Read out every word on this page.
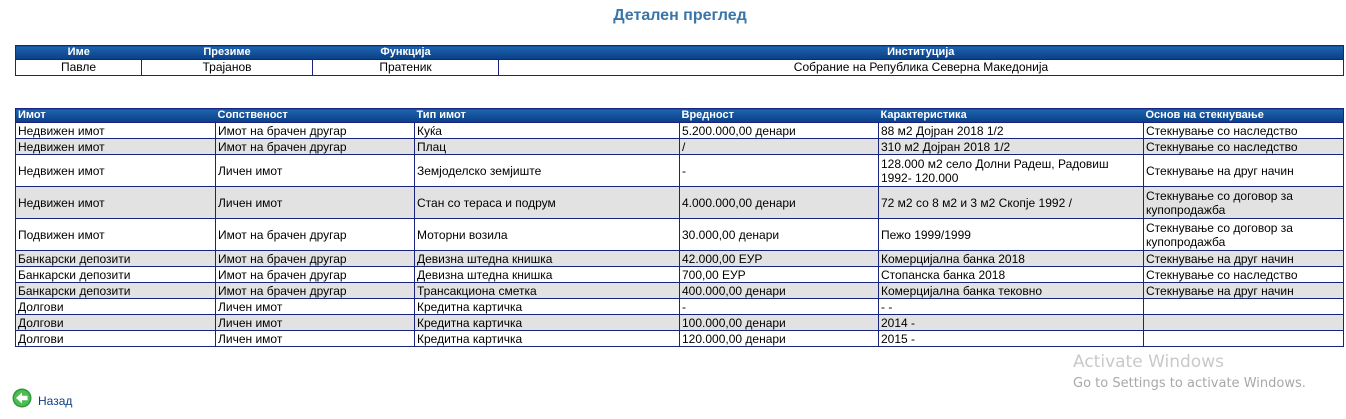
Детален преглед
Име	Презиме	Функција	Институција
Павле	Трајанов	Пратеник	Собрание на Република Северна Македонија
Имот	Сопственост	Тип имот	Вредност	Карактеристика	Основ на стекнување
Недвижен имот	Имот на брачен другар	Куќа	5.200.000,00 денари	88 м2 Дојран 2018 1/2	Стекнување со наследство
Недвижен имот	Имот на брачен другар	Плац	/	310 м2 Дојран 2018 1/2	Стекнување со наследство
Недвижен имот	Личен имот	Земјоделско земјиште	-	128.000 м2 село Долни Радеш, Радовиш 1992- 120.000	Стекнување на друг начин
Недвижен имот	Личен имот	Стан со тераса и подрум	4.000.000,00 денари	72 м2 со 8 м2 и 3 м2 Скопје 1992 /	Стекнување со договор за купопродажба
Подвижен имот	Имот на брачен другар	Моторни возила	30.000,00 денари	Пежо 1999/1999	Стекнување со договор за купопродажба
Банкарски депозити	Имот на брачен другар	Девизна штедна книшка	42.000,00 ЕУР	Комерцијална банка 2018	Стекнување на друг начин
Банкарски депозити	Имот на брачен другар	Девизна штедна книшка	700,00 ЕУР	Стопанска банка 2018	Стекнување со наследство
Банкарски депозити	Имот на брачен другар	Трансакциона сметка	400.000,00 денари	Комерцијална банка тековно	Стекнување на друг начин
Долгови	Личен имот	Кредитна картичка	-	- -	
Долгови	Личен имот	Кредитна картичка	100.000,00 денари	2014 -	
Долгови	Личен имот	Кредитна картичка	120.000,00 денари	2015 -	
Назад
Activate Windows
Go to Settings to activate Windows.
